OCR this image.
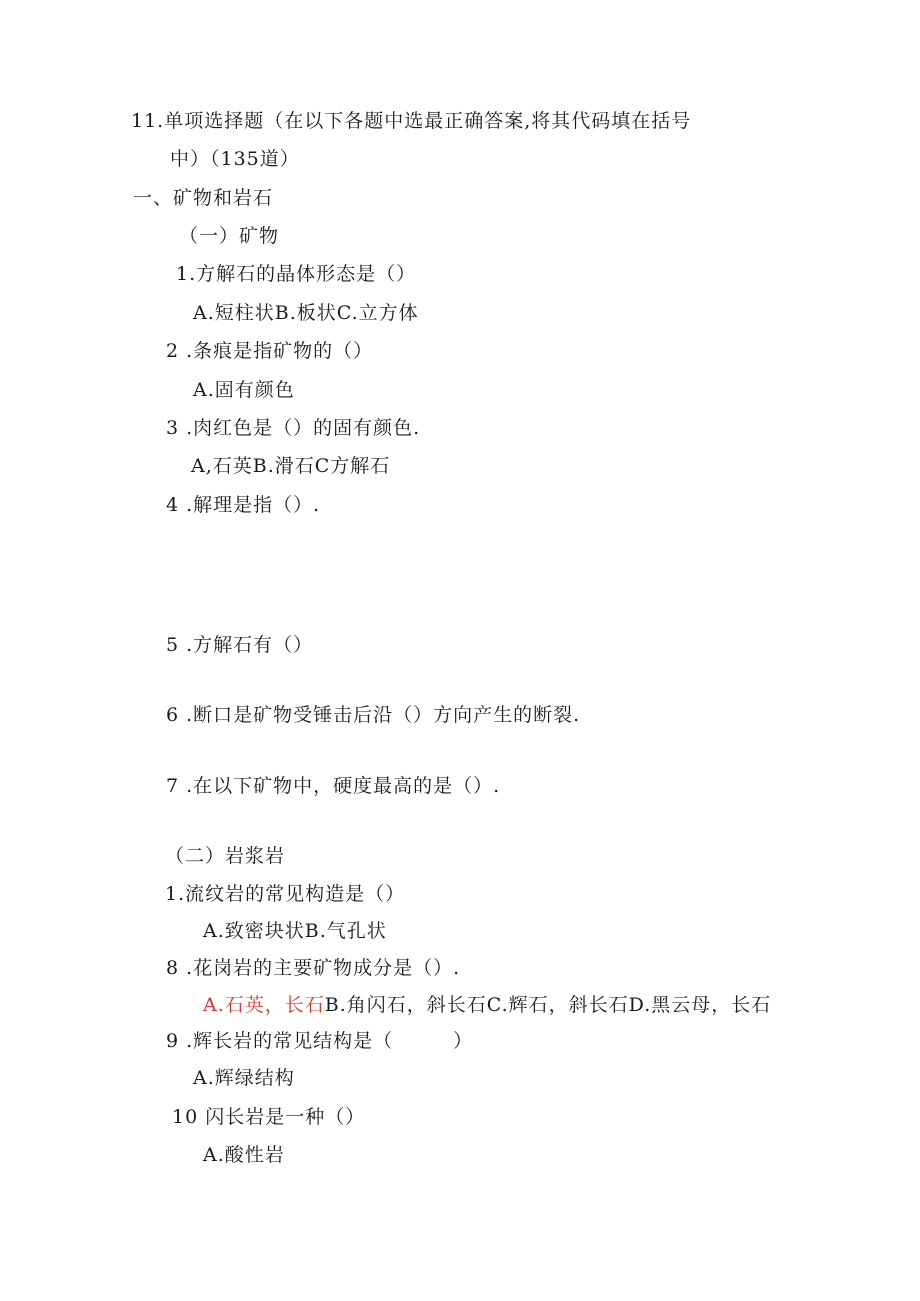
11.单项选择题（在以下各题中选最正确答案,将其代码填在括号
中）（135道）
一、矿物和岩石
（一）矿物
1.方解石的晶体形态是（）
A.短柱状B.板状C.立方体
2 .条痕是指矿物的（）
A.固有颜色
3 .肉红色是（）的固有颜色.
A,石英B.滑石C方解石
4 .解理是指（）.
5 .方解石有（）
6 .断口是矿物受锤击后沿（）方向产生的断裂.
7 .在以下矿物中，硬度最高的是（）.
（二）岩浆岩
1.流纹岩的常见构造是（）
A.致密块状B.气孔状
8 .花岗岩的主要矿物成分是（）.
A.石英，长石B.角闪石，斜长石C.辉石，斜长石D.黑云母，长石
9 .辉长岩的常见结构是（　　　）
A.辉绿结构
10 闪长岩是一种（）
A.酸性岩
